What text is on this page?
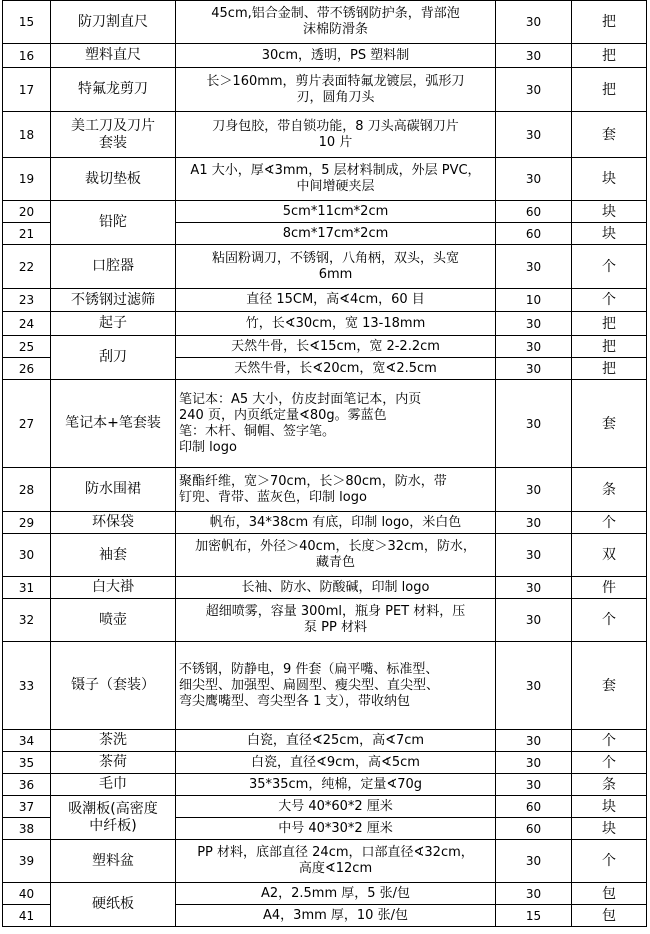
15	防刀割直尺	45cm,铝合金制、带不锈钢防护条，背部泡
沫棉防滑条	30	把
16	塑料直尺	30cm，透明，PS 塑料制	30	把
17	特氟龙剪刀	长＞160mm，剪片表面特氟龙镀层，弧形刀
刃，圆角刀头	30	把
18	美工刀及刀片
套装	刀身包胶，带自锁功能，8 刀头高碳钢刀片
10 片	30	套
19	裁切垫板	A1 大小，厚∢3mm，5 层材料制成，外层 PVC，
中间增硬夹层	30	块
20	铅陀	5cm*11cm*2cm	60	块
21		8cm*17cm*2cm	60	块
22	口腔器	粘固粉调刀，不锈钢，八角柄，双头，头宽
6mm	30	个
23	不锈钢过滤筛	直径 15CM，高∢4cm，60 目	10	个
24	起子	竹，长∢30cm，宽 13-18mm	30	把
25	刮刀	天然牛骨，长∢15cm，宽 2-2.2cm	30	把
26		天然牛骨，长∢20cm，宽∢2.5cm	30	把
27	笔记本+笔套装	笔记本：A5 大小，仿皮封面笔记本，内页
240 页，内页纸定量∢80g。雾蓝色
笔：木杆、铜帽、签字笔。
印制 logo	30	套
28	防水围裙	聚酯纤维，宽＞70cm，长＞80cm，防水，带
钉兜、背带、蓝灰色，印制 logo	30	条
29	环保袋	帆布，34*38cm 有底，印制 logo，米白色	30	个
30	袖套	加密帆布，外径＞40cm，长度＞32cm，防水，
藏青色	30	双
31	白大褂	长袖、防水、防酸碱，印制 logo	30	件
32	喷壶	超细喷雾，容量 300ml，瓶身 PET 材料，压
泵 PP 材料	30	个
33	镊子（套装）	不锈钢，防静电，9 件套（扁平嘴、标准型、
细尖型、加强型、扁圆型、瘦尖型、直尖型、
弯尖鹰嘴型、弯尖型各 1 支），带收纳包	30	套
34	茶洗	白瓷，直径∢25cm，高∢7cm	30	个
35	茶荷	白瓷，直径∢9cm，高∢5cm	30	个
36	毛巾	35*35cm，纯棉，定量∢70g	30	条
37	吸潮板(高密度
中纤板)	大号 40*60*2 厘米	60	块
38		中号 40*30*2 厘米	60	块
39	塑料盆	PP 材料，底部直径 24cm，口部直径∢32cm，
高度∢12cm	30	个
40	硬纸板	A2，2.5mm 厚，5 张/包	30	包
41		A4，3mm 厚，10 张/包	15	包
